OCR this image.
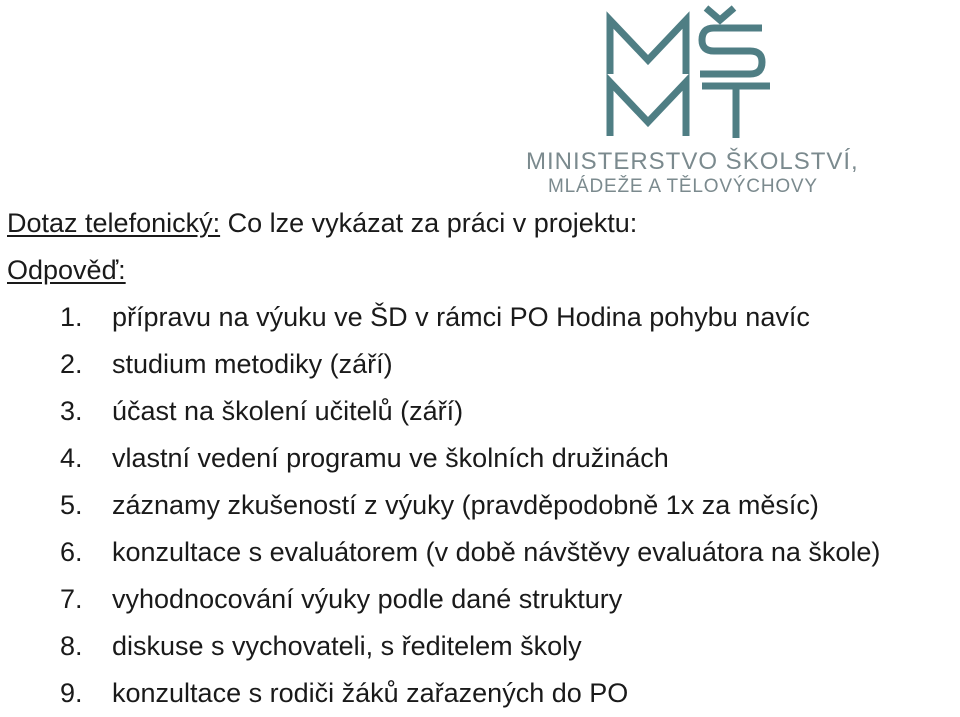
MINISTERSTVO ŠKOLSTVÍ,
MLÁDEŽE A TĚLOVÝCHOVY
Dotaz telefonický: Co lze vykázat za práci v projektu:
Odpověď:
1. přípravu na výuku ve ŠD v rámci PO Hodina pohybu navíc
2. studium metodiky (září)
3. účast na školení učitelů (září)
4. vlastní vedení programu ve školních družinách
5. záznamy zkušeností z výuky (pravděpodobně 1x za měsíc)
6. konzultace s evaluátorem (v době návštěvy evaluátora na škole)
7. vyhodnocování výuky podle dané struktury
8. diskuse s vychovateli, s ředitelem školy
9. konzultace s rodiči žáků zařazených do PO
